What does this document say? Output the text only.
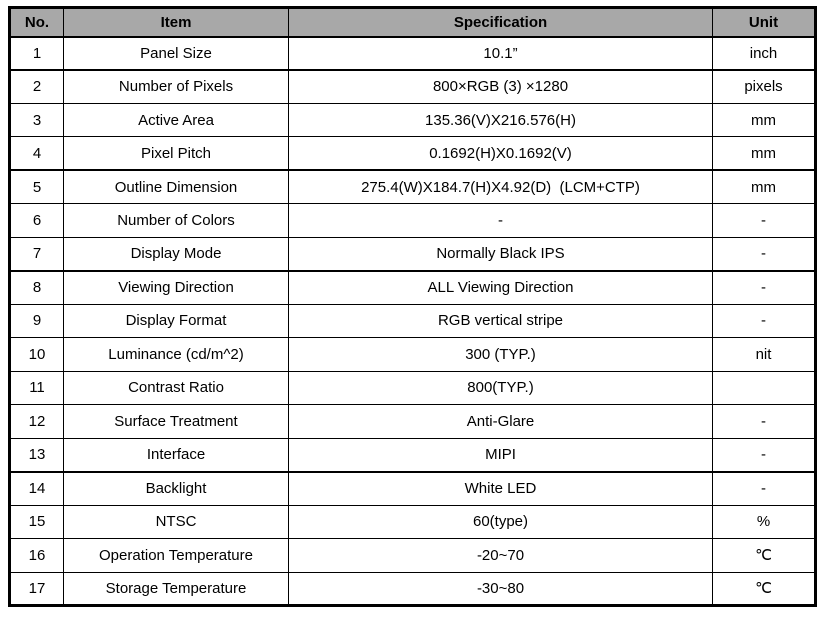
No.	Item	Specification	Unit
1	Panel Size	10.1”	inch
2	Number of Pixels	800×RGB (3) ×1280	pixels
3	Active Area	135.36(V)X216.576(H)	mm
4	Pixel Pitch	0.1692(H)X0.1692(V)	mm
5	Outline Dimension	275.4(W)X184.7(H)X4.92(D)  (LCM+CTP)	mm
6	Number of Colors	-	-
7	Display Mode	Normally Black IPS	-
8	Viewing Direction	ALL Viewing Direction	-
9	Display Format	RGB vertical stripe	-
10	Luminance (cd/m^2)	300 (TYP.)	nit
11	Contrast Ratio	800(TYP.)	
12	Surface Treatment	Anti-Glare	-
13	Interface	MIPI	-
14	Backlight	White LED	-
15	NTSC	60(type)	%
16	Operation Temperature	-20~70	℃
17	Storage Temperature	-30~80	℃
